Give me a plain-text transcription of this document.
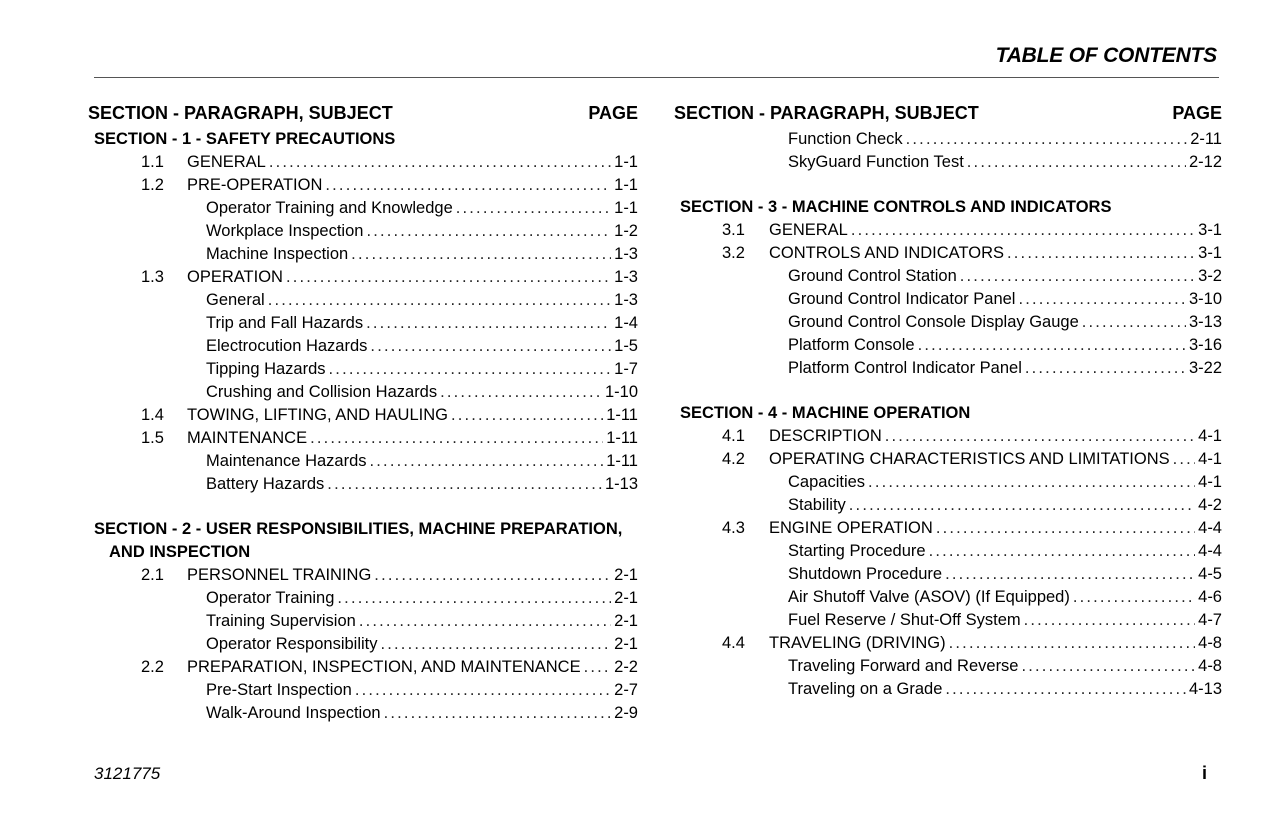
TABLE OF CONTENTS
SECTION - PARAGRAPH, SUBJECT	PAGE
SECTION - 1 - SAFETY PRECAUTIONS
1.1 GENERAL . . .	1-1
1.2 PRE-OPERATION . . .	1-1
Operator Training and Knowledge . . .	1-1
Workplace Inspection . . .	1-2
Machine Inspection . . .	1-3
1.3 OPERATION . . .	1-3
General . . .	1-3
Trip and Fall Hazards . . .	1-4
Electrocution Hazards . . .	1-5
Tipping Hazards . . .	1-7
Crushing and Collision Hazards . . .	1-10
1.4 TOWING, LIFTING, AND HAULING . . .	1-11
1.5 MAINTENANCE . . .	1-11
Maintenance Hazards . . .	1-11
Battery Hazards . . .	1-13
SECTION - 2 - USER RESPONSIBILITIES, MACHINE PREPARATION,
AND INSPECTION
2.1 PERSONNEL TRAINING . . .	2-1
Operator Training . . .	2-1
Training Supervision . . .	2-1
Operator Responsibility . . .	2-1
2.2 PREPARATION, INSPECTION, AND MAINTENANCE . . . 2-2
Pre-Start Inspection . . .	2-7
Walk-Around Inspection . . .	2-9
SECTION - PARAGRAPH, SUBJECT	PAGE
Function Check . . .	2-11
SkyGuard Function Test . . .	2-12
SECTION - 3 - MACHINE CONTROLS AND INDICATORS
3.1 GENERAL . . .	3-1
3.2 CONTROLS AND INDICATORS . . .	3-1
Ground Control Station . . .	3-2
Ground Control Indicator Panel . . .	3-10
Ground Control Console Display Gauge . . .	3-13
Platform Console . . .	3-16
Platform Control Indicator Panel . . .	3-22
SECTION - 4 - MACHINE OPERATION
4.1 DESCRIPTION . . .	4-1
4.2 OPERATING CHARACTERISTICS AND LIMITATIONS . . . 4-1
Capacities . . .	4-1
Stability . . .	4-2
4.3 ENGINE OPERATION . . .	4-4
Starting Procedure . . .	4-4
Shutdown Procedure . . .	4-5
Air Shutoff Valve (ASOV) (If Equipped) . . .	4-6
Fuel Reserve / Shut-Off System . . .	4-7
4.4 TRAVELING (DRIVING) . . .	4-8
Traveling Forward and Reverse . . .	4-8
Traveling on a Grade . . .	4-13
3121775	i
